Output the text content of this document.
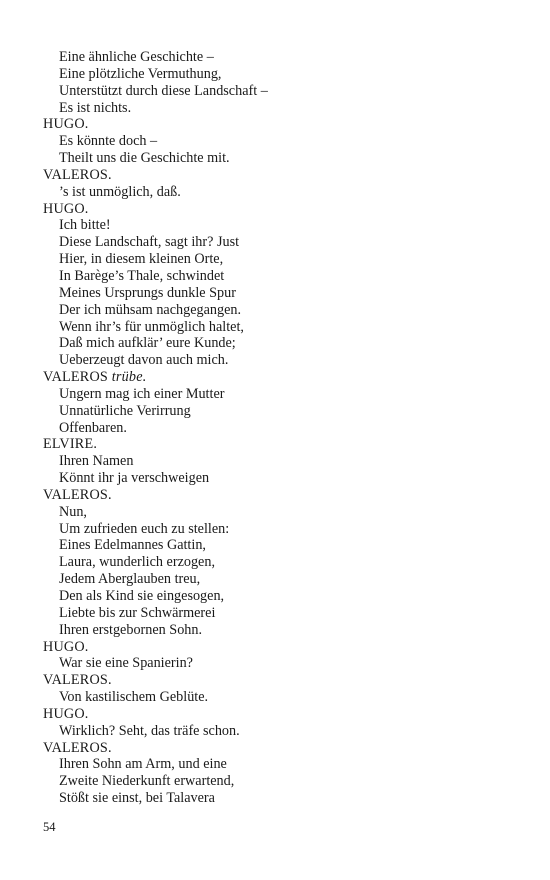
Eine ähnliche Geschichte –
Eine plötzliche Vermuthung,
Unterstützt durch diese Landschaft –
Es ist nichts.
HUGO.
Es könnte doch –
Theilt uns die Geschichte mit.
VALEROS.
’s ist unmöglich, daß.
HUGO.
Ich bitte!
Diese Landschaft, sagt ihr? Just
Hier, in diesem kleinen Orte,
In Barège’s Thale, schwindet
Meines Ursprungs dunkle Spur
Der ich mühsam nachgegangen.
Wenn ihr’s für unmöglich haltet,
Daß mich aufklär’ eure Kunde;
Ueberzeugt davon auch mich.
VALEROS trübe.
Ungern mag ich einer Mutter
Unnatürliche Verirrung
Offenbaren.
ELVIRE.
Ihren Namen
Könnt ihr ja verschweigen
VALEROS.
Nun,
Um zufrieden euch zu stellen:
Eines Edelmannes Gattin,
Laura, wunderlich erzogen,
Jedem Aberglauben treu,
Den als Kind sie eingesogen,
Liebte bis zur Schwärmerei
Ihren erstgebornen Sohn.
HUGO.
War sie eine Spanierin?
VALEROS.
Von kastilischem Geblüte.
HUGO.
Wirklich? Seht, das träfe schon.
VALEROS.
Ihren Sohn am Arm, und eine
Zweite Niederkunft erwartend,
Stößt sie einst, bei Talavera
54
